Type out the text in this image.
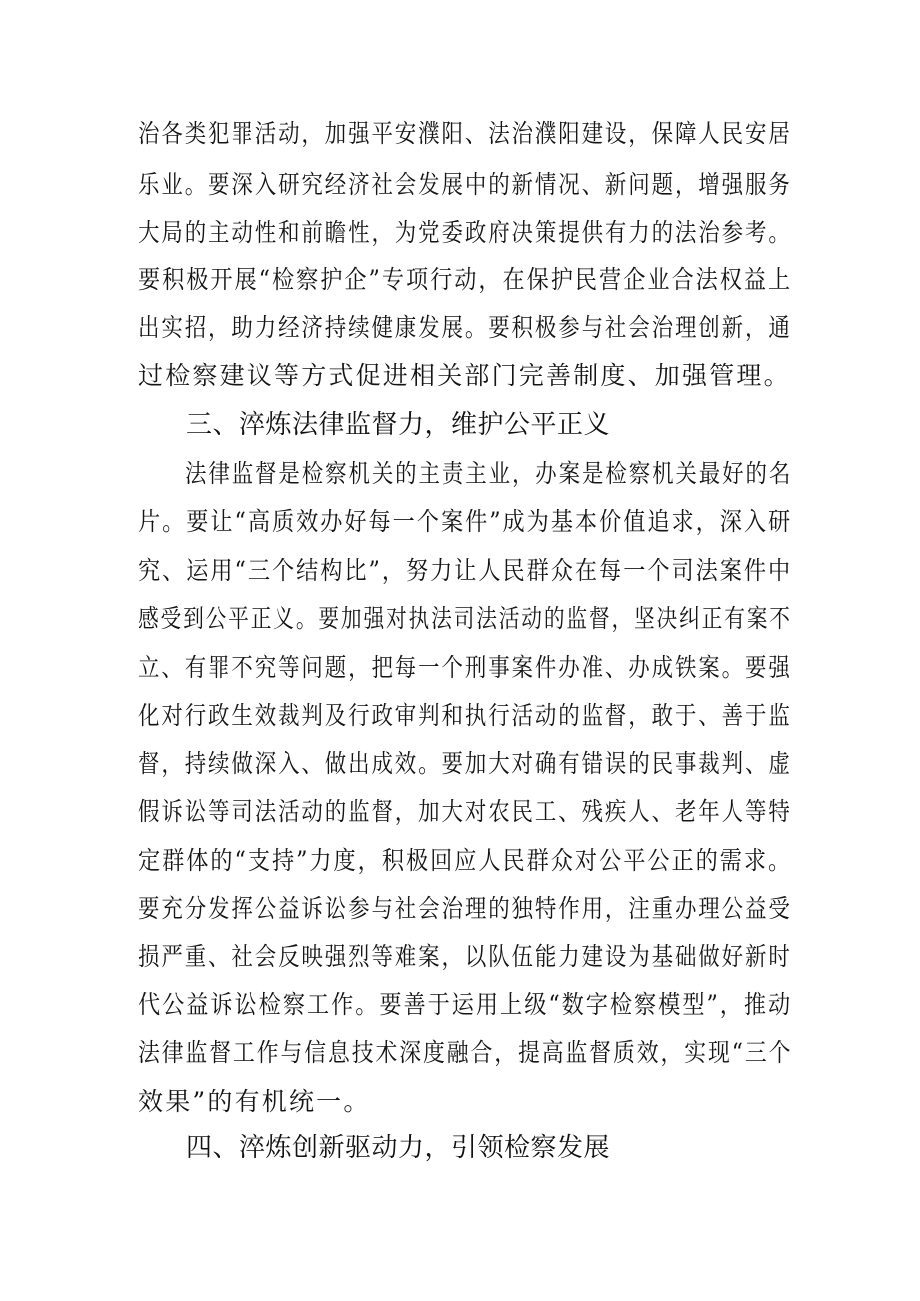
治各类犯罪活动，加强平安濮阳、法治濮阳建设，保障人民安居
乐业。要深入研究经济社会发展中的新情况、新问题，增强服务
大局的主动性和前瞻性，为党委政府决策提供有力的法治参考。
要积极开展“检察护企”专项行动，在保护民营企业合法权益上
出实招，助力经济持续健康发展。要积极参与社会治理创新，通
过检察建议等方式促进相关部门完善制度、加强管理。
三、淬炼法律监督力，维护公平正义
法律监督是检察机关的主责主业，办案是检察机关最好的名
片。要让“高质效办好每一个案件”成为基本价值追求，深入研
究、运用“三个结构比”，努力让人民群众在每一个司法案件中
感受到公平正义。要加强对执法司法活动的监督，坚决纠正有案不
立、有罪不究等问题，把每一个刑事案件办准、办成铁案。要强
化对行政生效裁判及行政审判和执行活动的监督，敢于、善于监
督，持续做深入、做出成效。要加大对确有错误的民事裁判、虚
假诉讼等司法活动的监督，加大对农民工、残疾人、老年人等特
定群体的“支持”力度，积极回应人民群众对公平公正的需求。
要充分发挥公益诉讼参与社会治理的独特作用，注重办理公益受
损严重、社会反映强烈等难案，以队伍能力建设为基础做好新时
代公益诉讼检察工作。要善于运用上级“数字检察模型”，推动
法律监督工作与信息技术深度融合，提高监督质效，实现“三个
效果”的有机统一。
四、淬炼创新驱动力，引领检察发展
